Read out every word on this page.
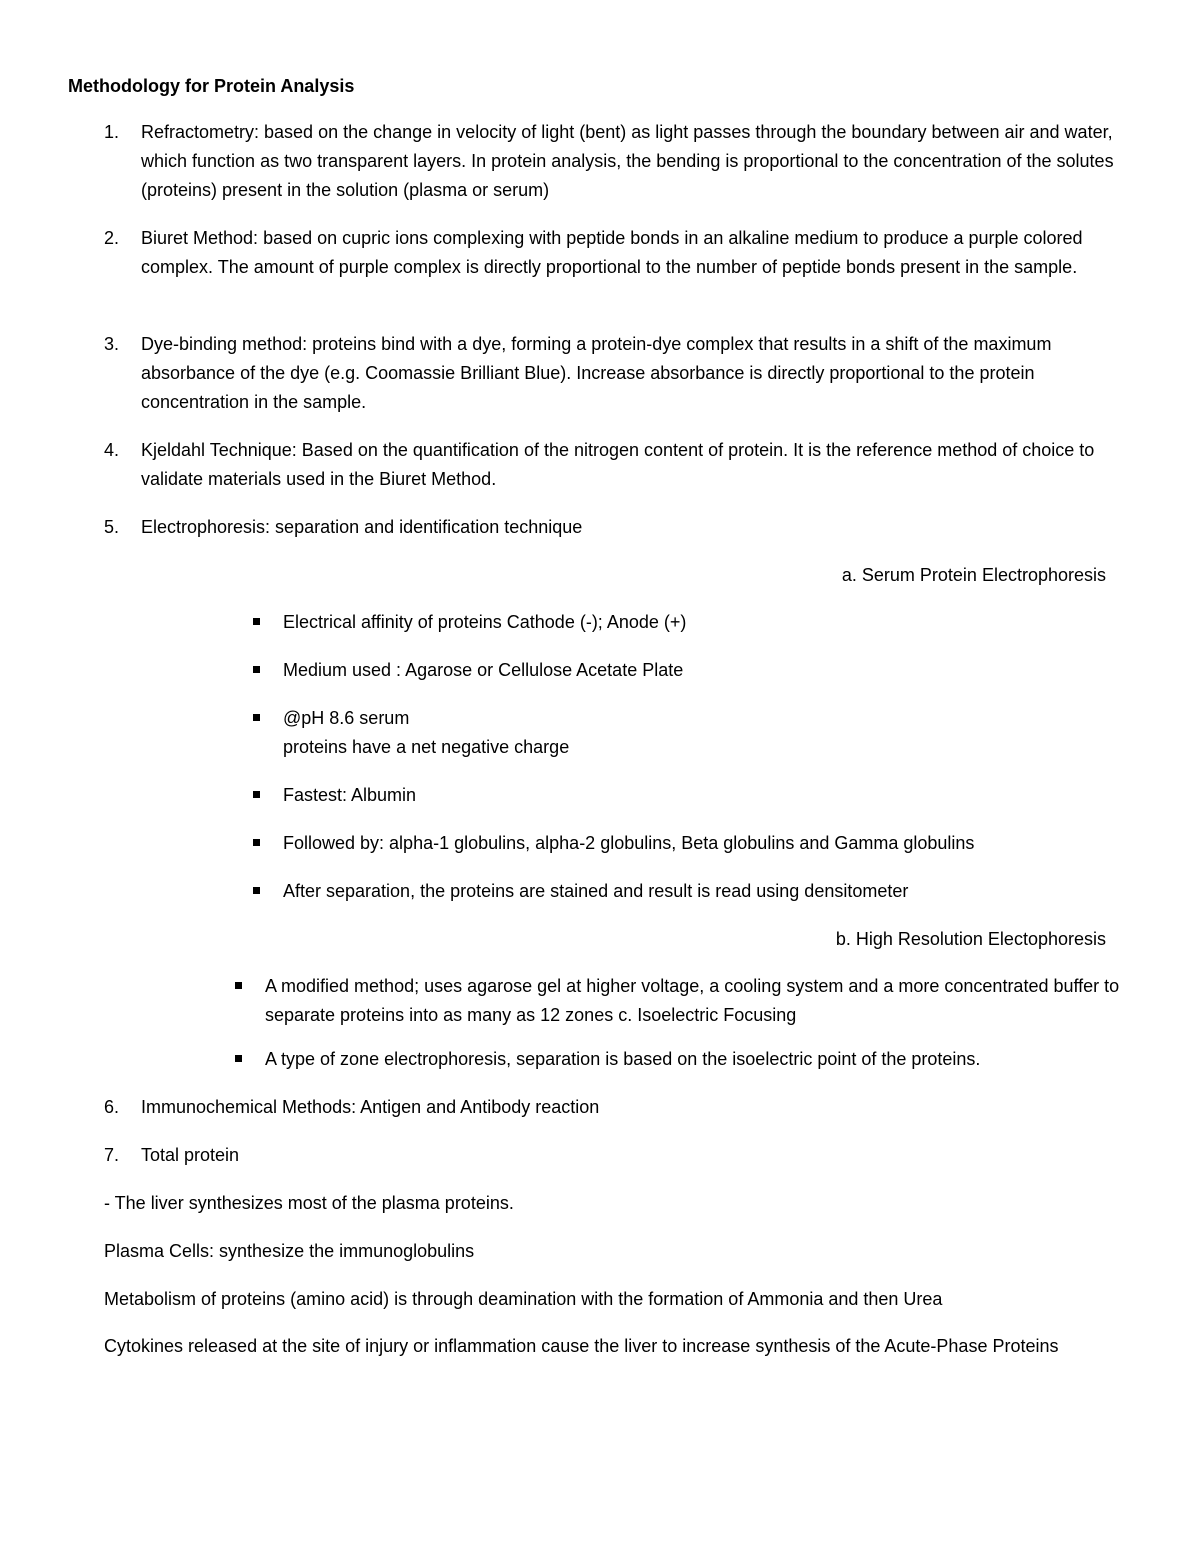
Methodology for Protein Analysis
1. Refractometry: based on the change in velocity of light (bent) as light passes through the boundary between air and water, which function as two transparent layers. In protein analysis, the bending is proportional to the concentration of the solutes (proteins) present in the solution (plasma or serum)
2. Biuret Method: based on cupric ions complexing with peptide bonds in an alkaline medium to produce a purple colored complex. The amount of purple complex is directly proportional to the number of peptide bonds present in the sample.
3. Dye-binding method: proteins bind with a dye, forming a protein-dye complex that results in a shift of the maximum absorbance of the dye (e.g. Coomassie Brilliant Blue). Increase absorbance is directly proportional to the protein concentration in the sample.
4. Kjeldahl Technique: Based on the quantification of the nitrogen content of protein. It is the reference method of choice to validate materials used in the Biuret Method.
5. Electrophoresis: separation and identification technique
a. Serum Protein Electrophoresis
Electrical affinity of proteins Cathode (-); Anode (+)
Medium used : Agarose or Cellulose Acetate Plate
@pH 8.6 serum
proteins have a net negative charge
Fastest: Albumin
Followed by: alpha-1 globulins, alpha-2 globulins, Beta globulins and Gamma globulins
After separation, the proteins are stained and result is read using densitometer
b. High Resolution Electophoresis
A modified method; uses agarose gel at higher voltage, a cooling system and a more concentrated buffer to separate proteins into as many as 12 zones c. Isoelectric Focusing
A type of zone electrophoresis, separation is based on the isoelectric point of the proteins.
6. Immunochemical Methods: Antigen and Antibody reaction
7. Total protein
- The liver synthesizes most of the plasma proteins.
Plasma Cells: synthesize the immunoglobulins
Metabolism of proteins (amino acid) is through deamination with the formation of Ammonia and then Urea
Cytokines released at the site of injury or inflammation cause the liver to increase synthesis of the Acute-Phase Proteins
